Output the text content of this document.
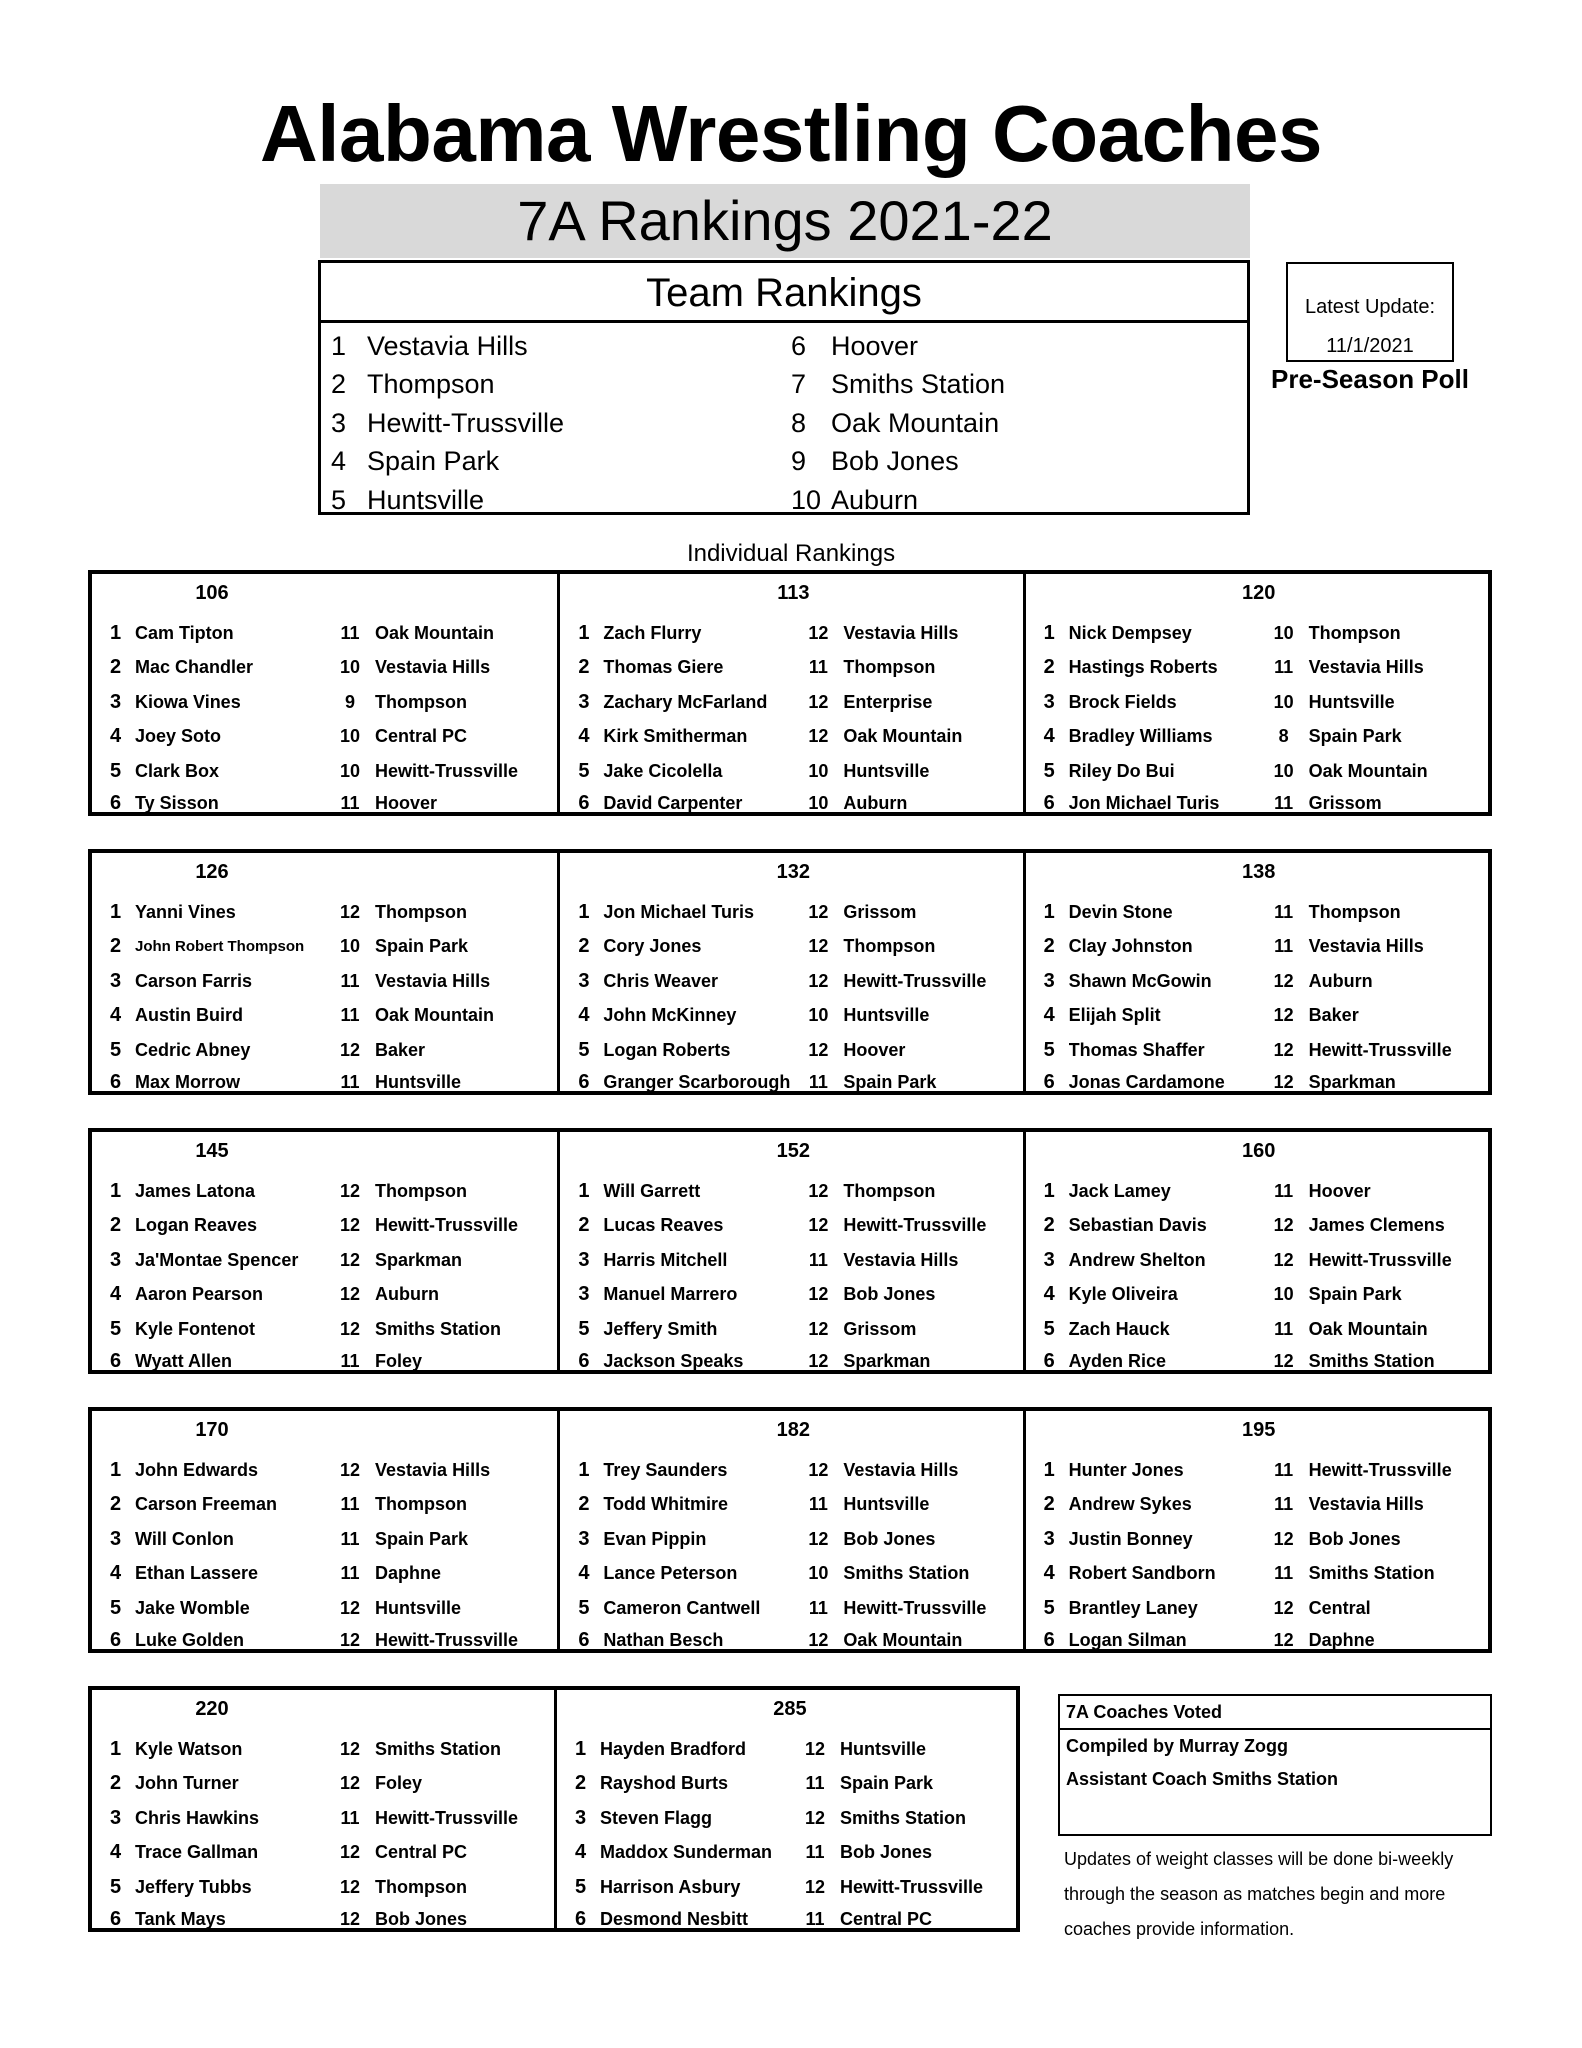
Alabama Wrestling Coaches
7A Rankings 2021-22
Team Rankings
1 Vestavia Hills
2 Thompson
3 Hewitt-Trussville
4 Spain Park
5 Huntsville
6 Hoover
7 Smiths Station
8 Oak Mountain
9 Bob Jones
10 Auburn
Latest Update:
11/1/2021
Pre-Season Poll
Individual Rankings
106
1 Cam Tipton	11 Oak Mountain
2 Mac Chandler	10 Vestavia Hills
3 Kiowa Vines	9	Thompson
4 Joey Soto	10 Central PC
5 Clark Box	10 Hewitt-Trussville
6 Ty Sisson	11 Hoover
113
1 Zach Flurry	12 Vestavia Hills
2 Thomas Giere	11 Thompson
3 Zachary McFarland	12 Enterprise
4 Kirk Smitherman	12 Oak Mountain
5 Jake Cicolella	10 Huntsville
6 David Carpenter	10 Auburn
120
1 Nick Dempsey	10 Thompson
2 Hastings Roberts	11 Vestavia Hills
3 Brock Fields	10 Huntsville
4 Bradley Williams	8	Spain Park
5 Riley Do Bui	10 Oak Mountain
6 Jon Michael Turis	11 Grissom
126
1 Yanni Vines	12 Thompson
2 John Robert Thompson	10 Spain Park
3 Carson Farris	11 Vestavia Hills
4 Austin Buird	11 Oak Mountain
5 Cedric Abney	12 Baker
6 Max Morrow	11 Huntsville
132
1 Jon Michael Turis	12 Grissom
2 Cory Jones	12 Thompson
3 Chris Weaver	12 Hewitt-Trussville
4 John McKinney	10 Huntsville
5 Logan Roberts	12 Hoover
6 Granger Scarborough	11 Spain Park
138
1 Devin Stone	11 Thompson
2 Clay Johnston	11 Vestavia Hills
3 Shawn McGowin	12 Auburn
4 Elijah Split	12 Baker
5 Thomas Shaffer	12 Hewitt-Trussville
6 Jonas Cardamone	12 Sparkman
145
1 James Latona	12 Thompson
2 Logan Reaves	12 Hewitt-Trussville
3 Ja'Montae Spencer	12 Sparkman
4 Aaron Pearson	12 Auburn
5 Kyle Fontenot	12 Smiths Station
6 Wyatt Allen	11 Foley
152
1 Will Garrett	12 Thompson
2 Lucas Reaves	12 Hewitt-Trussville
3 Harris Mitchell	11 Vestavia Hills
3 Manuel Marrero	12 Bob Jones
5 Jeffery Smith	12 Grissom
6 Jackson Speaks	12 Sparkman
160
1 Jack Lamey	11 Hoover
2 Sebastian Davis	12 James Clemens
3 Andrew Shelton	12 Hewitt-Trussville
4 Kyle Oliveira	10 Spain Park
5 Zach Hauck	11 Oak Mountain
6 Ayden Rice	12 Smiths Station
170
1 John Edwards	12 Vestavia Hills
2 Carson Freeman	11 Thompson
3 Will Conlon	11 Spain Park
4 Ethan Lassere	11 Daphne
5 Jake Womble	12 Huntsville
6 Luke Golden	12 Hewitt-Trussville
182
1 Trey Saunders	12 Vestavia Hills
2 Todd Whitmire	11 Huntsville
3 Evan Pippin	12 Bob Jones
4 Lance Peterson	10 Smiths Station
5 Cameron Cantwell	11 Hewitt-Trussville
6 Nathan Besch	12 Oak Mountain
195
1 Hunter Jones	11 Hewitt-Trussville
2 Andrew Sykes	11 Vestavia Hills
3 Justin Bonney	12 Bob Jones
4 Robert Sandborn	11 Smiths Station
5 Brantley Laney	12 Central
6 Logan Silman	12 Daphne
220
1 Kyle Watson	12 Smiths Station
2 John Turner	12 Foley
3 Chris Hawkins	11 Hewitt-Trussville
4 Trace Gallman	12 Central PC
5 Jeffery Tubbs	12 Thompson
6 Tank Mays	12 Bob Jones
285
1 Hayden Bradford	12 Huntsville
2 Rayshod Burts	11 Spain Park
3 Steven Flagg	12 Smiths Station
4 Maddox Sunderman	11 Bob Jones
5 Harrison Asbury	12 Hewitt-Trussville
6 Desmond Nesbitt	11 Central PC
7A Coaches Voted
Compiled by Murray Zogg
Assistant Coach Smiths Station
Updates of weight classes will be done bi-weekly
through the season as matches begin and more
coaches provide information.
